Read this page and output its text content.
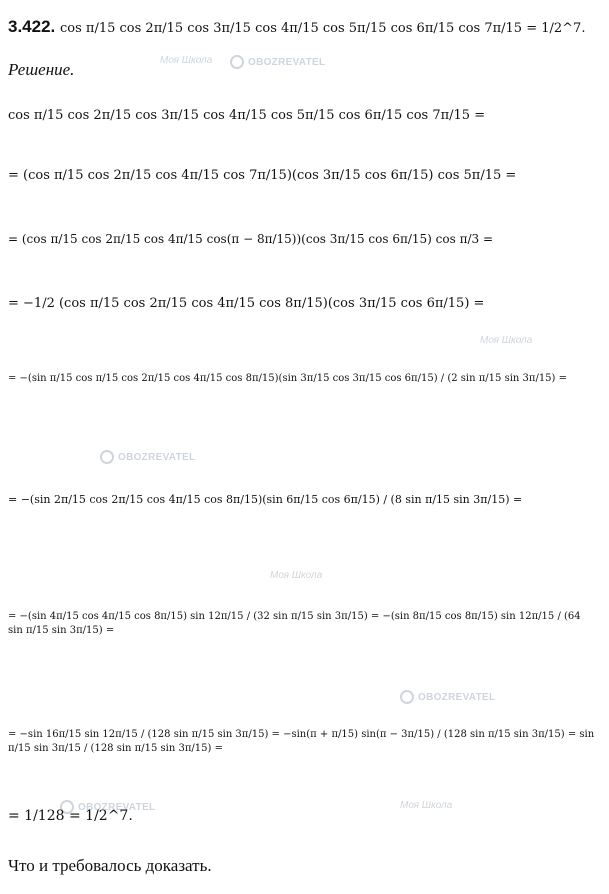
Моя Школа	OBOZREVATEL
Моя Школа
OBOZREVATEL
Моя Школа
OBOZREVATEL
Моя Школа
OBOZREVATEL
3.422. cos π/15 cos 2π/15 cos 3π/15 cos 4π/15 cos 5π/15 cos 6π/15 cos 7π/15 = 1/2^7.
Решение.
cos π/15 cos 2π/15 cos 3π/15 cos 4π/15 cos 5π/15 cos 6π/15 cos 7π/15 =
= (cos π/15 cos 2π/15 cos 4π/15 cos 7π/15)(cos 3π/15 cos 6π/15) cos 5π/15 =
= (cos π/15 cos 2π/15 cos 4π/15 cos(π − 8π/15))(cos 3π/15 cos 6π/15) cos π/3 =
= −1/2 (cos π/15 cos 2π/15 cos 4π/15 cos 8π/15)(cos 3π/15 cos 6π/15) =
= −(sin π/15 cos π/15 cos 2π/15 cos 4π/15 cos 8π/15)(sin 3π/15 cos 3π/15 cos 6π/15) / (2 sin π/15 sin 3π/15) =
= −(sin 2π/15 cos 2π/15 cos 4π/15 cos 8π/15)(sin 6π/15 cos 6π/15) / (8 sin π/15 sin 3π/15) =
= −(sin 4π/15 cos 4π/15 cos 8π/15) sin 12π/15 / (32 sin π/15 sin 3π/15) = −(sin 8π/15 cos 8π/15) sin 12π/15 / (64 sin π/15 sin 3π/15) =
= −sin 16π/15 sin 12π/15 / (128 sin π/15 sin 3π/15) = −sin(π + π/15) sin(π − 3π/15) / (128 sin π/15 sin 3π/15) = sin π/15 sin 3π/15 / (128 sin π/15 sin 3π/15) =
= 1/128 = 1/2^7.
Что и требовалось доказать.
